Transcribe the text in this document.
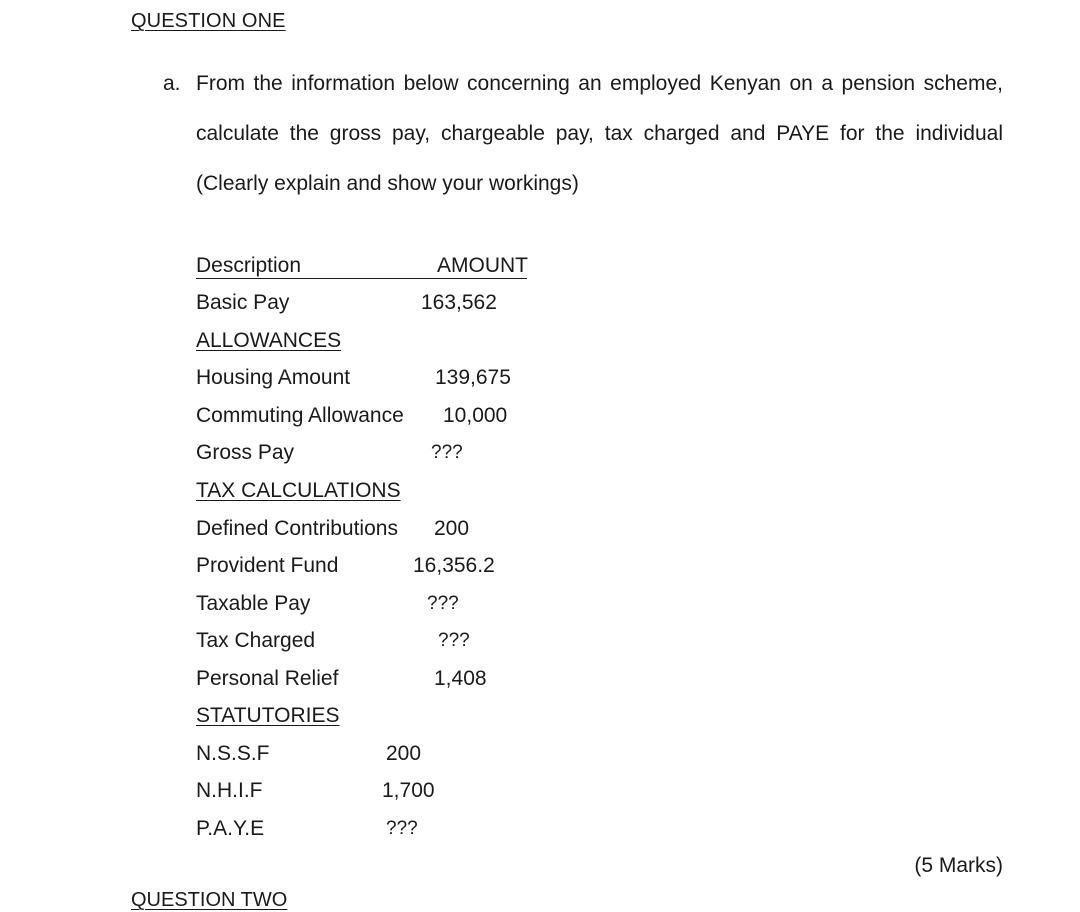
QUESTION ONE
a. From the information below concerning an employed Kenyan on a pension scheme,
calculate the gross pay, chargeable pay, tax charged and PAYE for the individual
(Clearly explain and show your workings)
Description	AMOUNT
Basic Pay	163,562
ALLOWANCES
Housing Amount	139,675
Commuting Allowance 10,000
Gross Pay	???
TAX CALCULATIONS
Defined Contributions 200
Provident Fund	16,356.2
Taxable Pay	???
Tax Charged	???
Personal Relief	1,408
STATUTORIES
N.S.S.F	200
N.H.I.F	1,700
P.A.Y.E	???
(5 Marks)
QUESTION TWO
